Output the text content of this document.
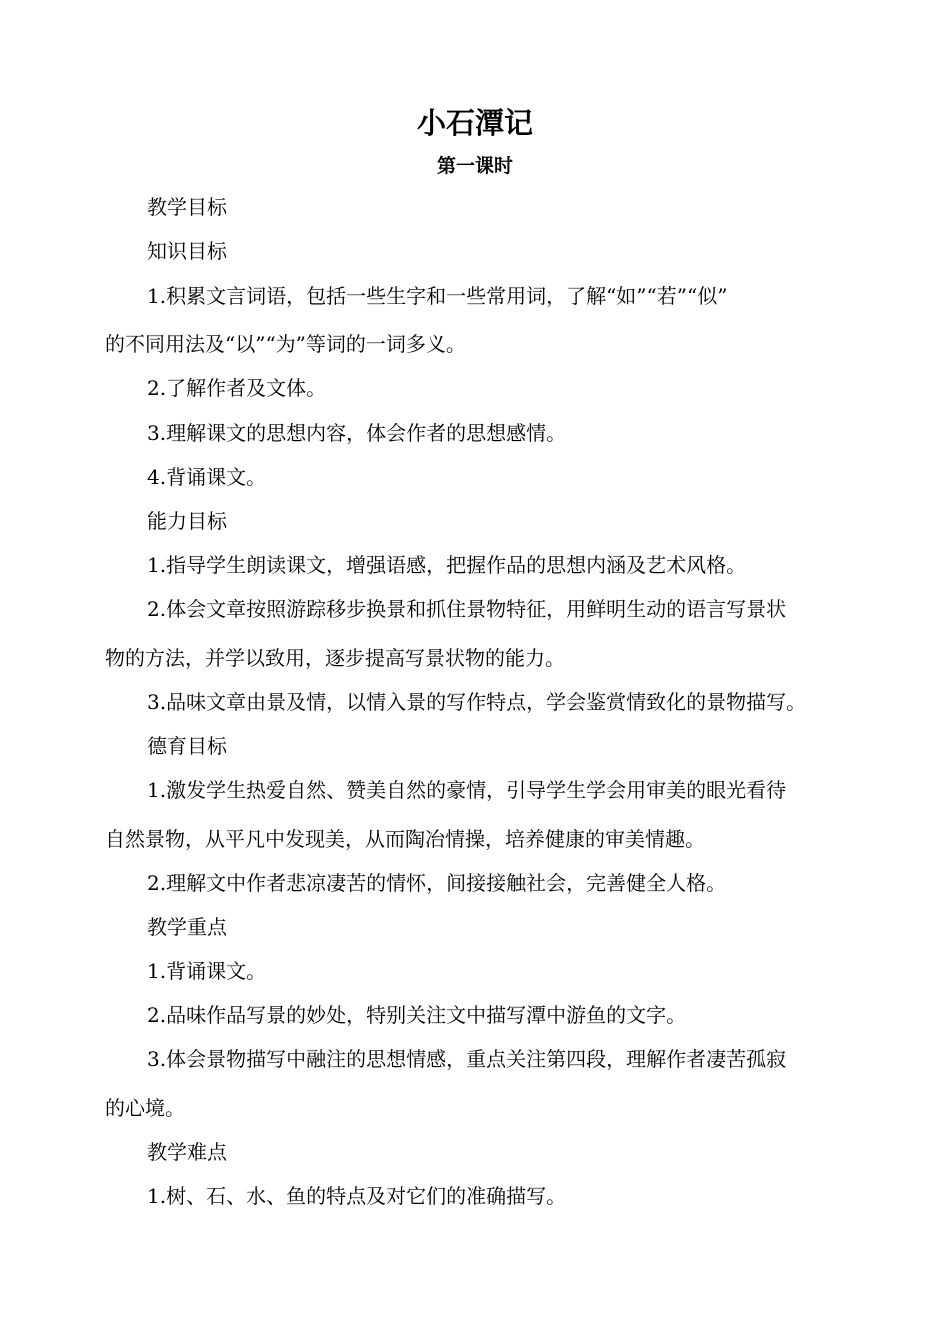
小石潭记
第一课时
教学目标
知识目标
1.积累文言词语，包括一些生字和一些常用词，了解“如”“若”“似”
的不同用法及“以”“为”等词的一词多义。
2.了解作者及文体。
3.理解课文的思想内容，体会作者的思想感情。
4.背诵课文。
能力目标
1.指导学生朗读课文，增强语感，把握作品的思想内涵及艺术风格。
2.体会文章按照游踪移步换景和抓住景物特征，用鲜明生动的语言写景状
物的方法，并学以致用，逐步提高写景状物的能力。
3.品味文章由景及情，以情入景的写作特点，学会鉴赏情致化的景物描写。
德育目标
1.激发学生热爱自然、赞美自然的豪情，引导学生学会用审美的眼光看待
自然景物，从平凡中发现美，从而陶冶情操，培养健康的审美情趣。
2.理解文中作者悲凉凄苦的情怀，间接接触社会，完善健全人格。
教学重点
1.背诵课文。
2.品味作品写景的妙处，特别关注文中描写潭中游鱼的文字。
3.体会景物描写中融注的思想情感，重点关注第四段，理解作者凄苦孤寂
的心境。
教学难点
1.树、石、水、鱼的特点及对它们的准确描写。
